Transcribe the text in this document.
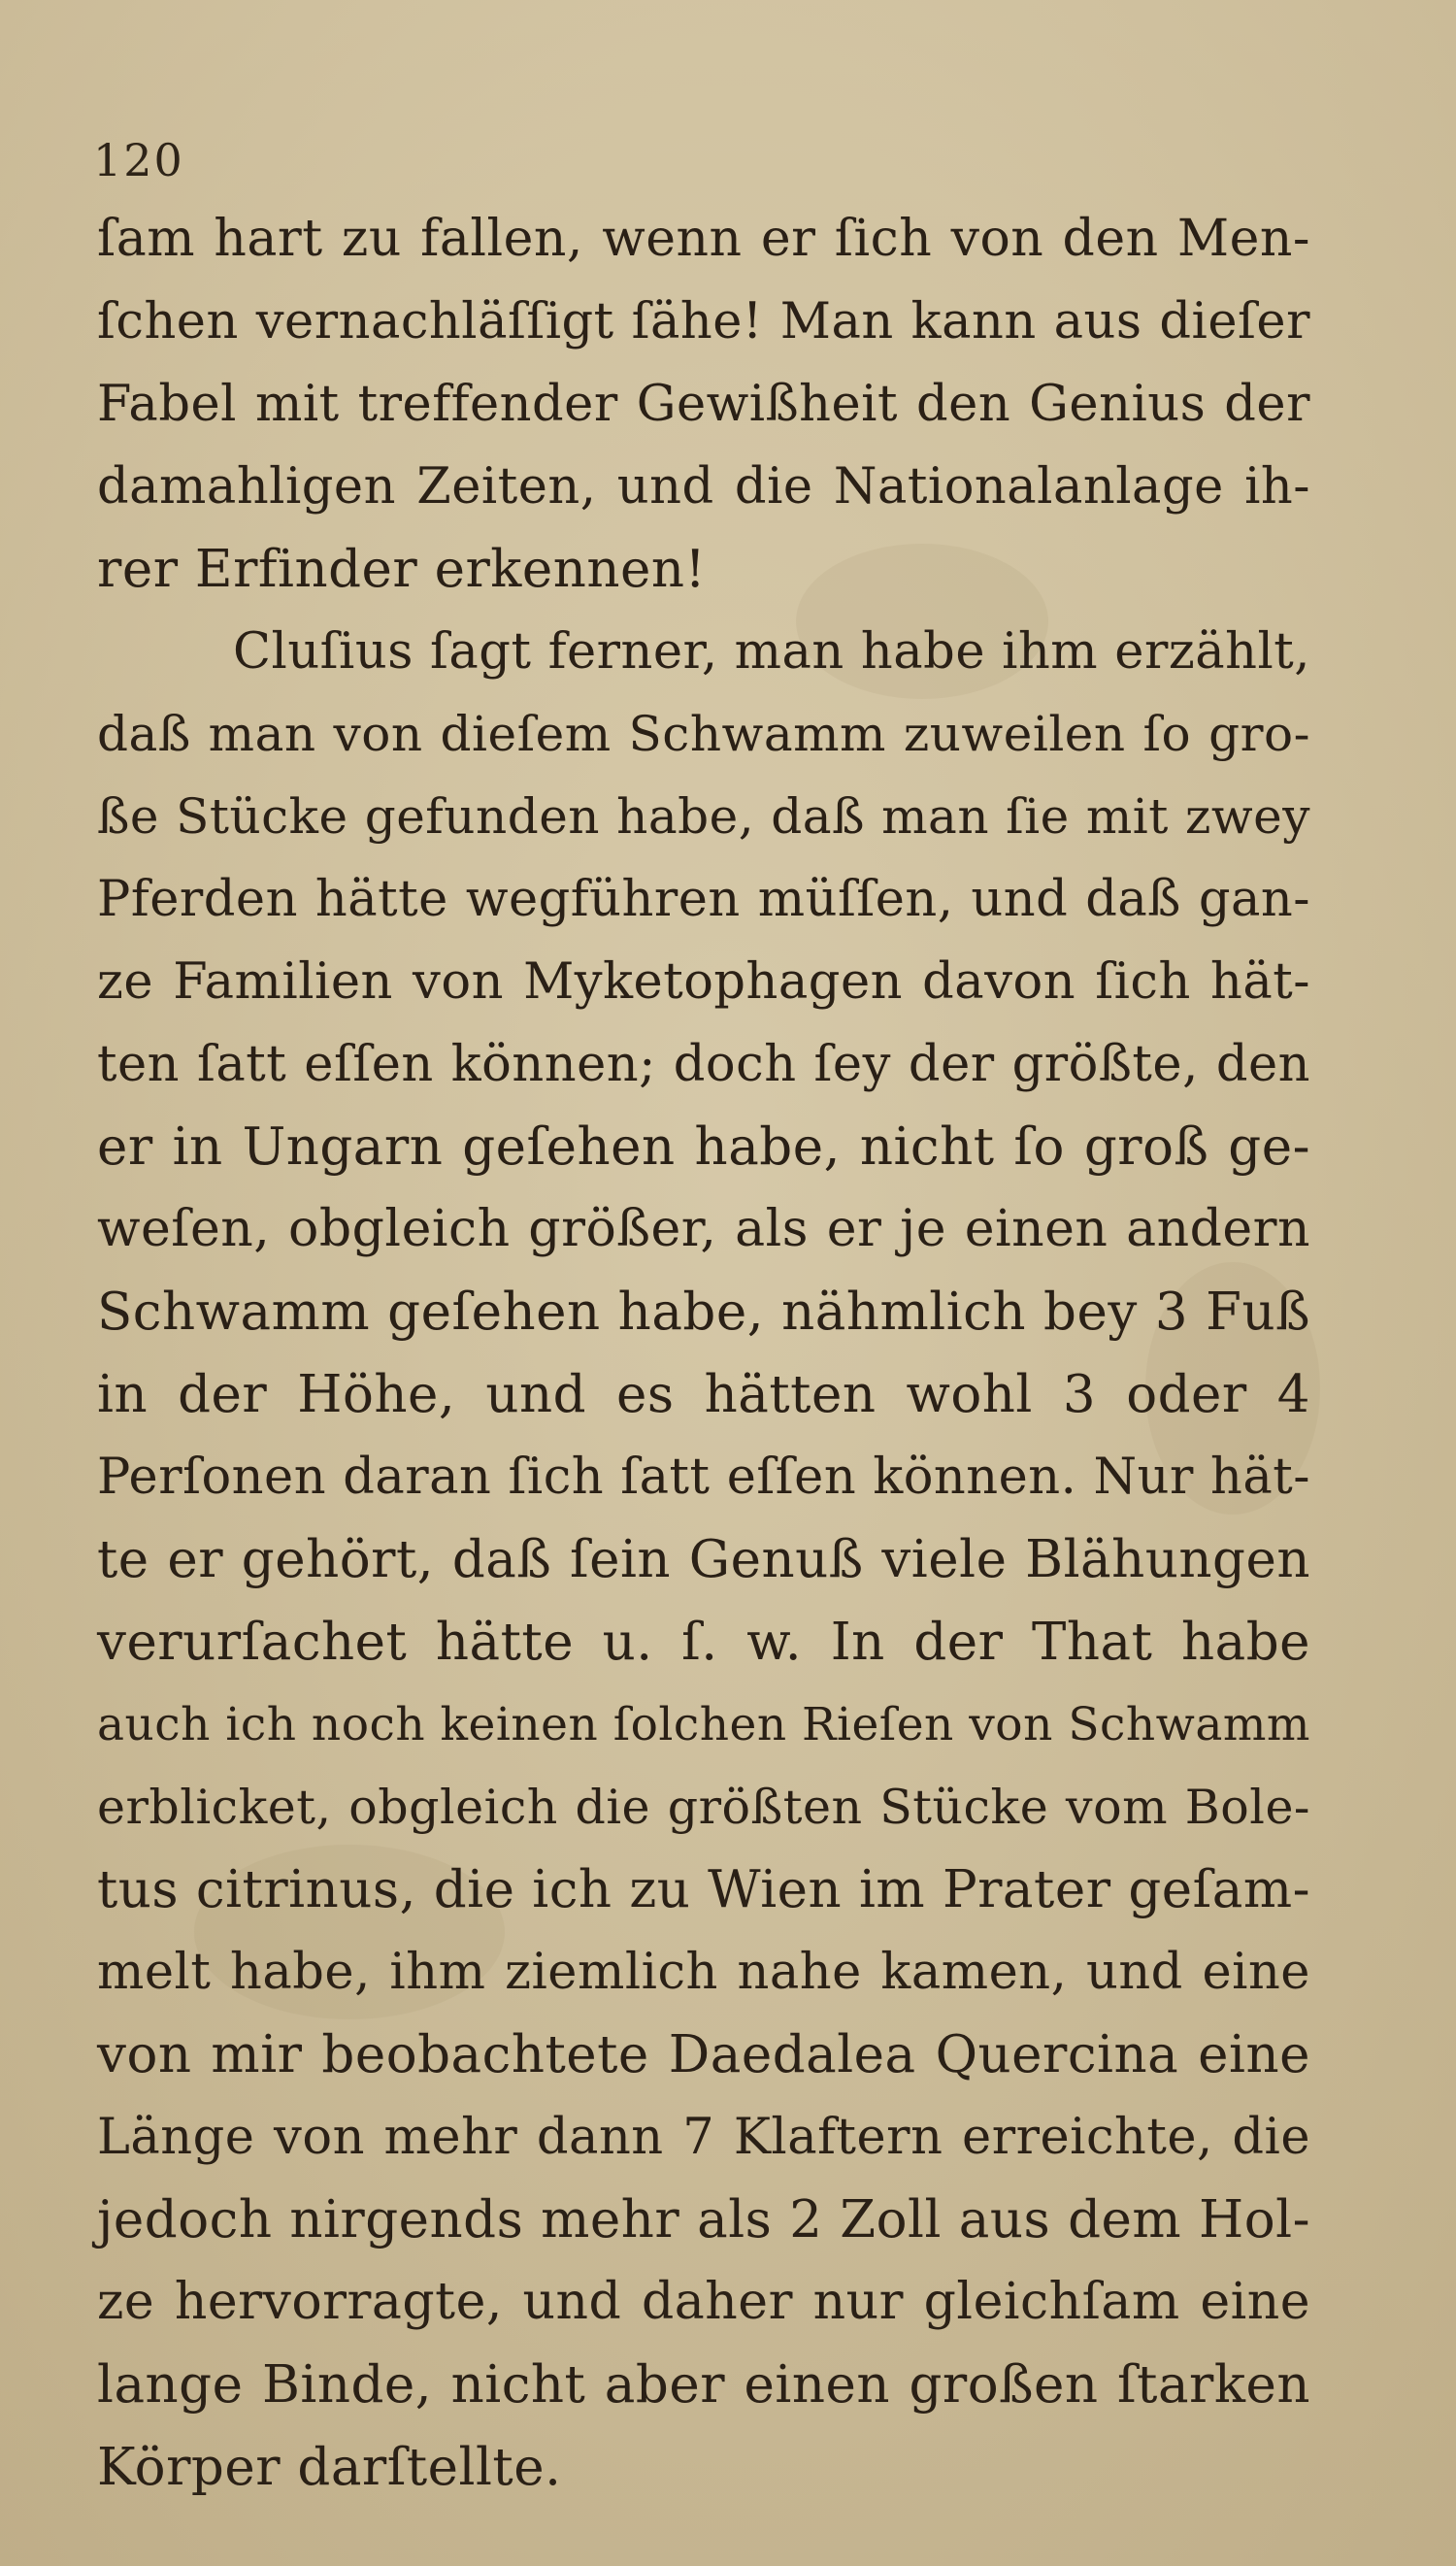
120
ſam hart zu fallen, wenn er ſich von den Men-
ſchen vernachläſſigt ſähe! Man kann aus dieſer
Fabel mit treffender Gewißheit den Genius der
damahligen Zeiten, und die Nationalanlage ih-
rer Erfinder erkennen!
Cluſius ſagt ferner, man habe ihm erzählt,
daß man von dieſem Schwamm zuweilen ſo gro-
ße Stücke gefunden habe, daß man ſie mit zwey
Pferden hätte wegführen müſſen, und daß gan-
ze Familien von Myketophagen davon ſich hät-
ten ſatt eſſen können; doch ſey der größte, den
er in Ungarn geſehen habe, nicht ſo groß ge-
weſen, obgleich größer, als er je einen andern
Schwamm geſehen habe, nähmlich bey 3 Fuß
in der Höhe, und es hätten wohl 3 oder 4
Perſonen daran ſich ſatt eſſen können. Nur hät-
te er gehört, daß ſein Genuß viele Blähungen
verurſachet hätte u. ſ. w. In der That habe
auch ich noch keinen ſolchen Rieſen von Schwamm
erblicket, obgleich die größten Stücke vom Bole-
tus citrinus, die ich zu Wien im Prater geſam-
melt habe, ihm ziemlich nahe kamen, und eine
von mir beobachtete Daedalea Quercina eine
Länge von mehr dann 7 Klaftern erreichte, die
jedoch nirgends mehr als 2 Zoll aus dem Hol-
ze hervorragte, und daher nur gleichſam eine
lange Binde, nicht aber einen großen ſtarken
Körper darſtellte.
